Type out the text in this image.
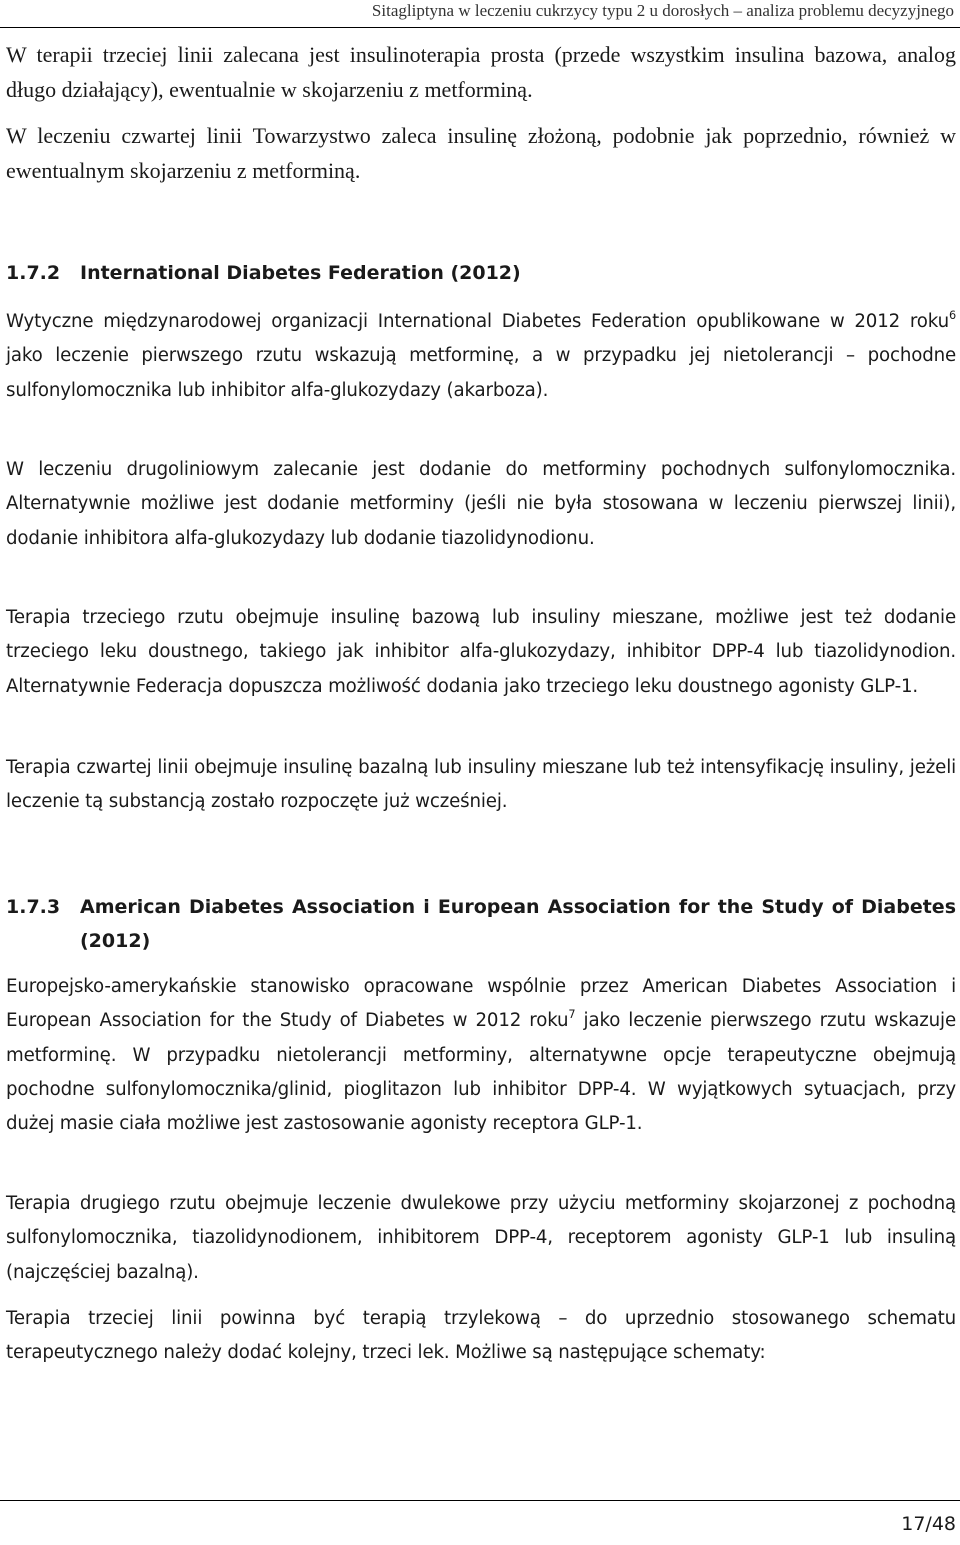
Sitagliptyna w leczeniu cukrzycy typu 2 u dorosłych – analiza problemu decyzyjnego

W terapii trzeciej linii zalecana jest insulinoterapia prosta (przede wszystkim insulina bazowa, analog długo działający), ewentualnie w skojarzeniu z metforminą.

W leczeniu czwartej linii Towarzystwo zaleca insulinę złożoną, podobnie jak poprzednio, również w ewentualnym skojarzeniu z metforminą.

1.7.2 International Diabetes Federation (2012)

Wytyczne międzynarodowej organizacji International Diabetes Federation opublikowane w 2012 roku$^6$ jako leczenie pierwszego rzutu wskazują metforminę, a w przypadku jej nietolerancji – pochodne sulfonylomocznika lub inhibitor alfa-glukozydazy (akarboza).

W leczeniu drugoliniowym zalecanie jest dodanie do metforminy pochodnych sulfonylomocznika. Alternatywnie możliwe jest dodanie metforminy (jeśli nie była stosowana w leczeniu pierwszej linii), dodanie inhibitora alfa-glukozydazy lub dodanie tiazolidynodionu.

Terapia trzeciego rzutu obejmuje insulinę bazową lub insuliny mieszane, możliwe jest też dodanie trzeciego leku doustnego, takiego jak inhibitor alfa-glukozydazy, inhibitor DPP-4 lub tiazolidynodion. Alternatywnie Federacja dopuszcza możliwość dodania jako trzeciego leku doustnego agonisty GLP-1.

Terapia czwartej linii obejmuje insulinę bazalną lub insuliny mieszane lub też intensyfikację insuliny, jeżeli leczenie tą substancją zostało rozpoczęte już wcześniej.

1.7.3 American Diabetes Association i European Association for the Study of Diabetes (2012)

Europejsko-amerykańskie stanowisko opracowane wspólnie przez American Diabetes Association i European Association for the Study of Diabetes w 2012 roku$^7$ jako leczenie pierwszego rzutu wskazuje metforminę. W przypadku nietolerancji metforminy, alternatywne opcje terapeutyczne obejmują pochodne sulfonylomocznika/glinid, pioglitazon lub inhibitor DPP-4. W wyjątkowych sytuacjach, przy dużej masie ciała możliwe jest zastosowanie agonisty receptora GLP-1.

Terapia drugiego rzutu obejmuje leczenie dwulekowe przy użyciu metforminy skojarzonej z pochodną sulfonylomocznika, tiazolidynodionem, inhibitorem DPP-4, receptorem agonisty GLP-1 lub insuliną (najczęściej bazalną).

Terapia trzeciej linii powinna być terapią trzylekową – do uprzednio stosowanego schematu terapeutycznego należy dodać kolejny, trzeci lek. Możliwe są następujące schematy:

17/48
